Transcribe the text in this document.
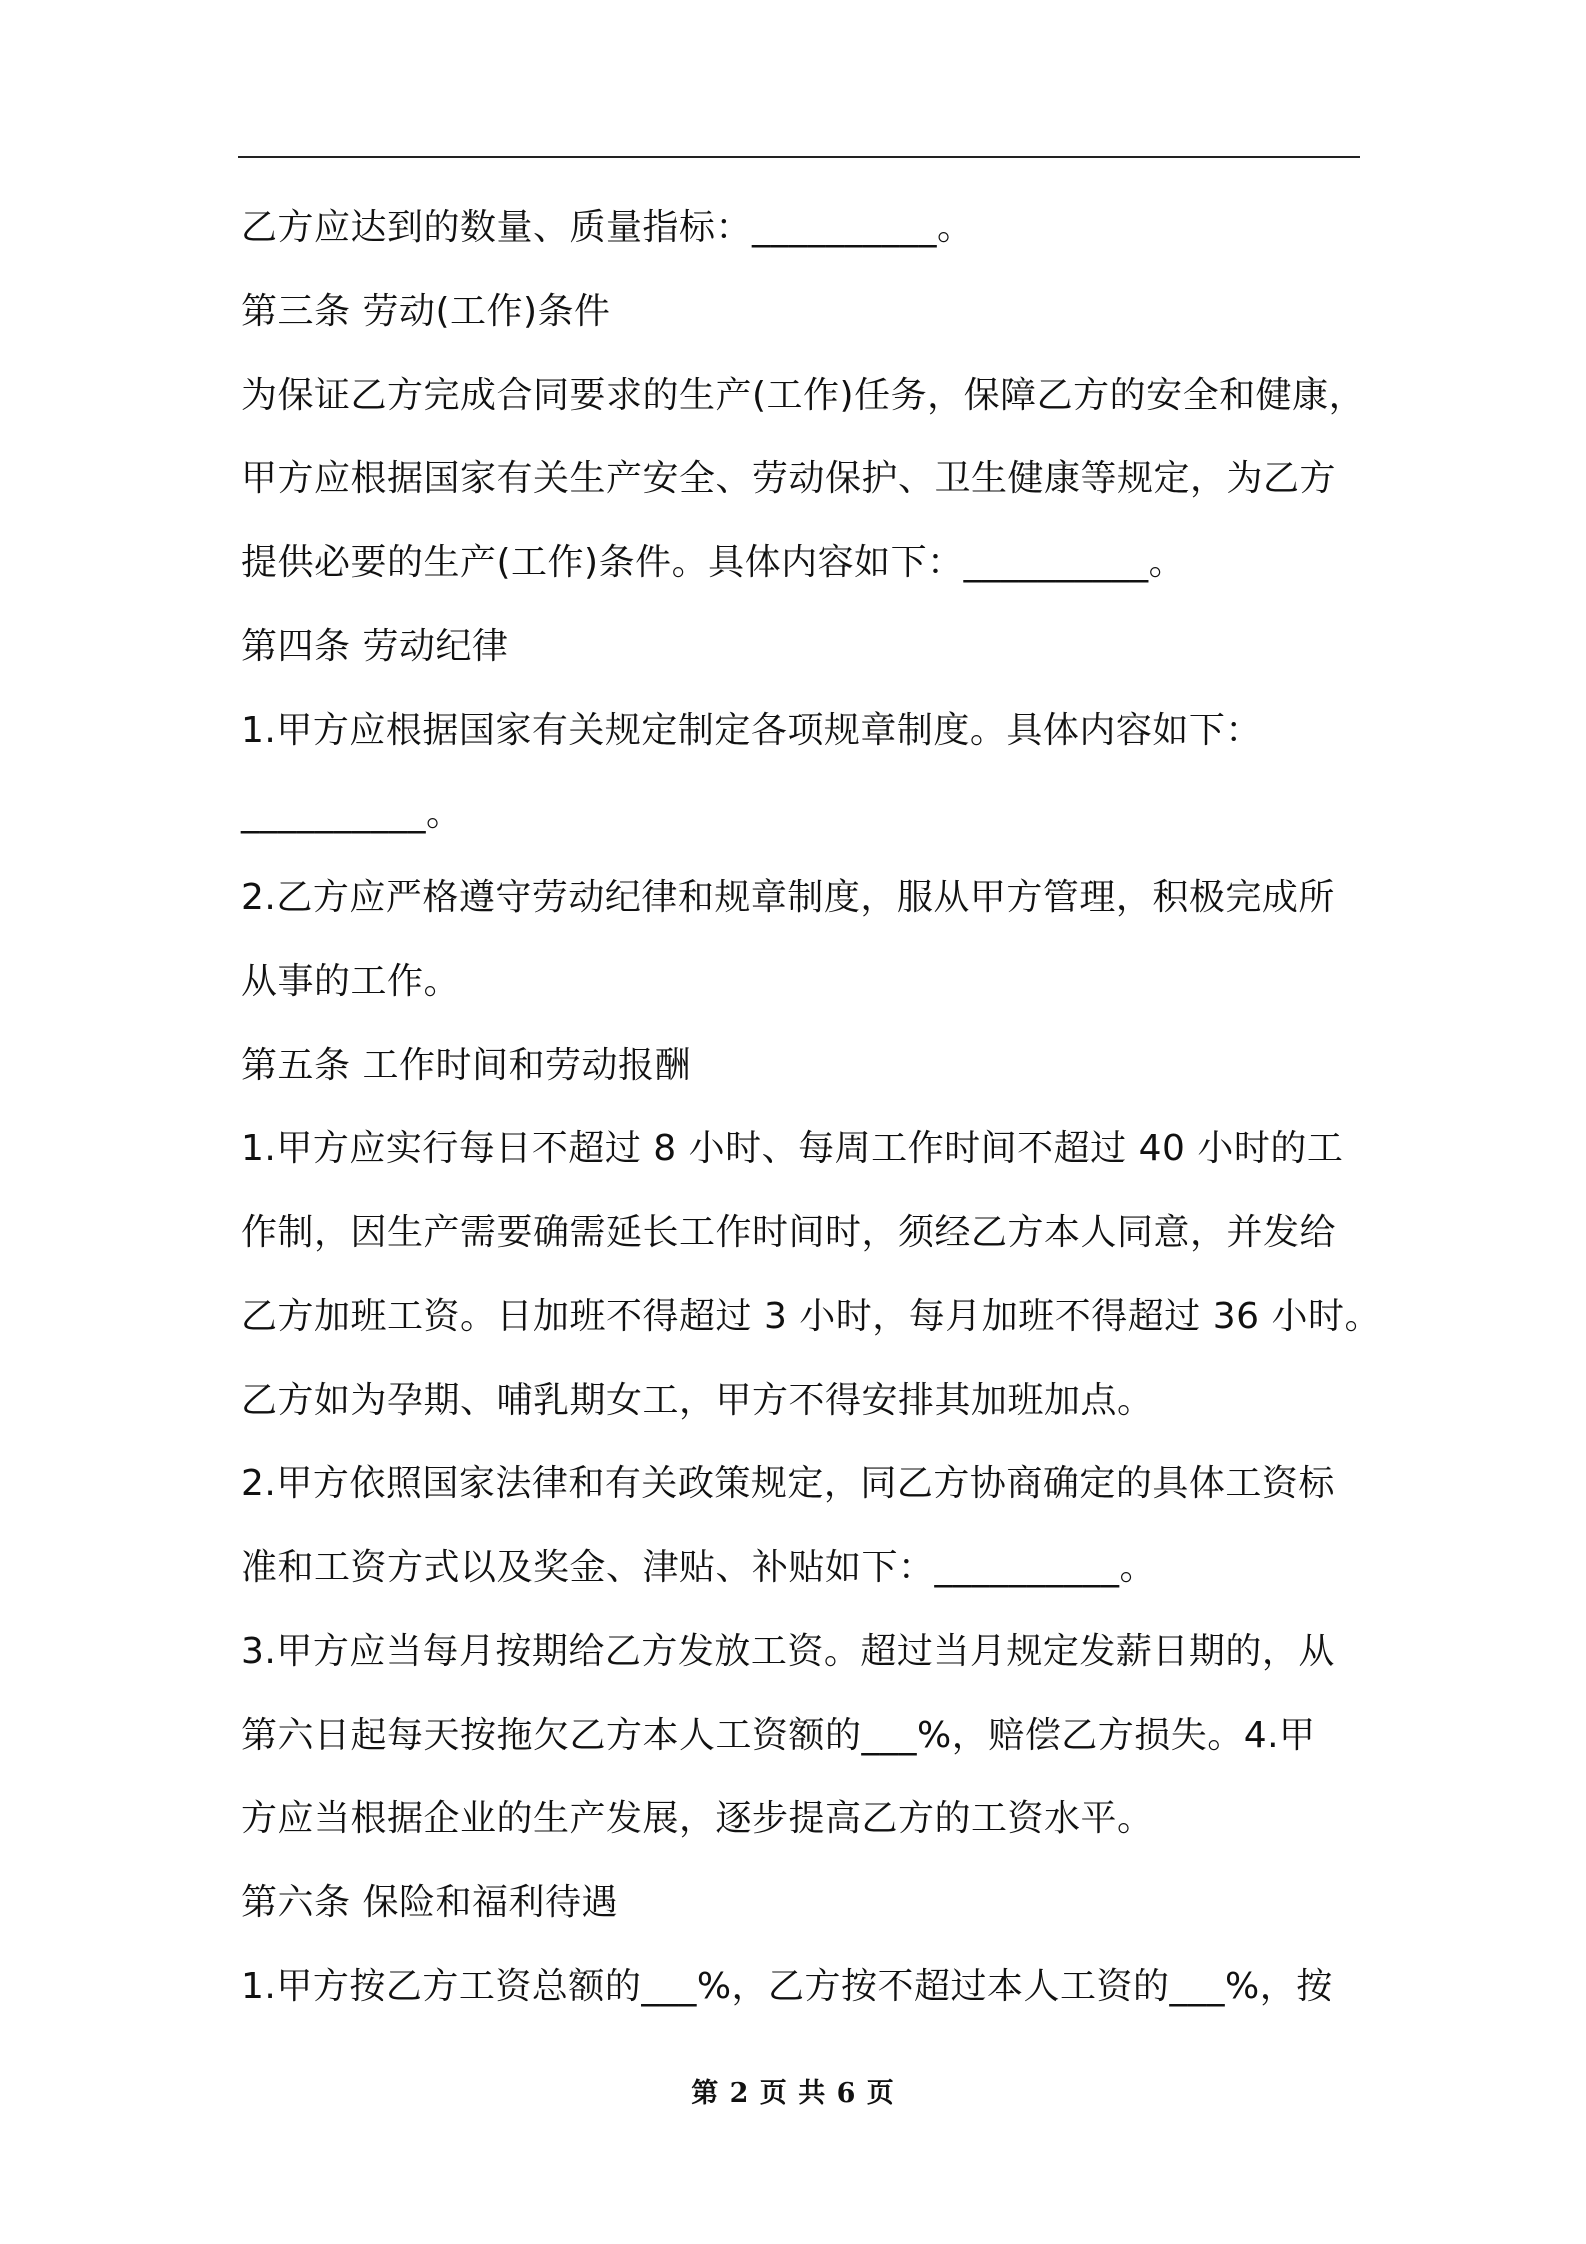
乙方应达到的数量、质量指标：__________。
第三条 劳动(工作)条件
为保证乙方完成合同要求的生产(工作)任务，保障乙方的安全和健康，
甲方应根据国家有关生产安全、劳动保护、卫生健康等规定，为乙方
提供必要的生产(工作)条件。具体内容如下：__________。
第四条 劳动纪律
1.甲方应根据国家有关规定制定各项规章制度。具体内容如下：
__________。
2.乙方应严格遵守劳动纪律和规章制度，服从甲方管理，积极完成所
从事的工作。
第五条 工作时间和劳动报酬
1.甲方应实行每日不超过 8 小时、每周工作时间不超过 40 小时的工
作制，因生产需要确需延长工作时间时，须经乙方本人同意，并发给
乙方加班工资。日加班不得超过 3 小时，每月加班不得超过 36 小时。
乙方如为孕期、哺乳期女工，甲方不得安排其加班加点。
2.甲方依照国家法律和有关政策规定，同乙方协商确定的具体工资标
准和工资方式以及奖金、津贴、补贴如下：__________。
3.甲方应当每月按期给乙方发放工资。超过当月规定发薪日期的，从
第六日起每天按拖欠乙方本人工资额的___%，赔偿乙方损失。4.甲
方应当根据企业的生产发展，逐步提高乙方的工资水平。
第六条 保险和福利待遇
1.甲方按乙方工资总额的___%，乙方按不超过本人工资的___%，按
第 2 页 共 6 页
